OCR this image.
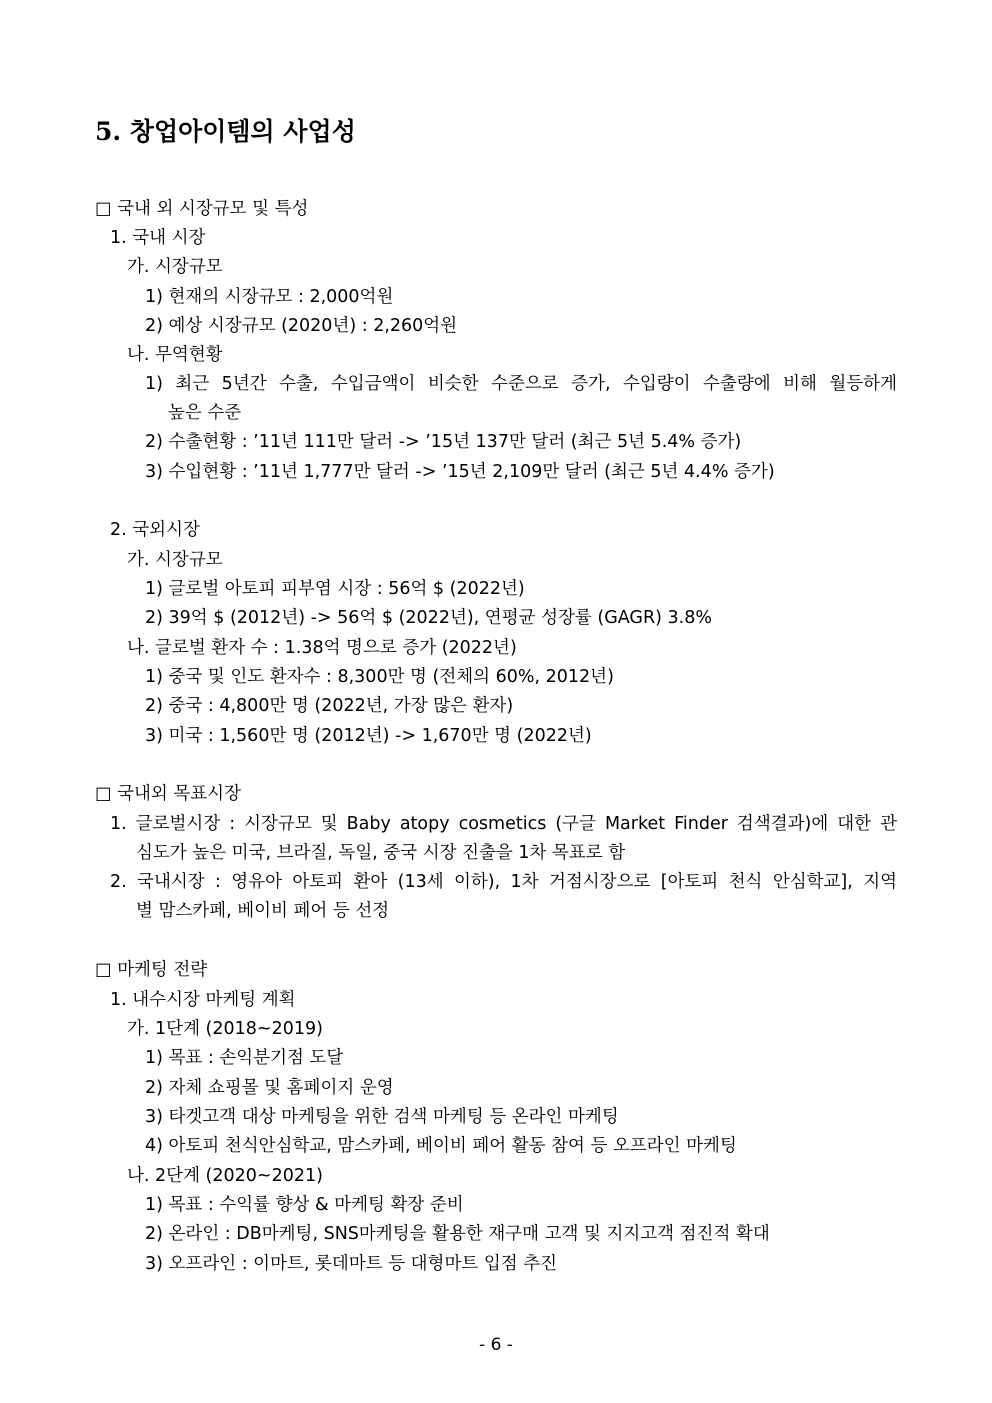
5. 창업아이템의 사업성
□ 국내 외 시장규모 및 특성
1. 국내 시장
가. 시장규모
1) 현재의 시장규모 : 2,000억원
2) 예상 시장규모 (2020년) : 2,260억원
나. 무역현황
1) 최근 5년간 수출, 수입금액이 비슷한 수준으로 증가, 수입량이 수출량에 비해 월등하게
높은 수준
2) 수출현황 : ’11년 111만 달러 -> ’15년 137만 달러 (최근 5년 5.4% 증가)
3) 수입현황 : ’11년 1,777만 달러 -> ’15년 2,109만 달러 (최근 5년 4.4% 증가)
2. 국외시장
가. 시장규모
1) 글로벌 아토피 피부염 시장 : 56억 $ (2022년)
2) 39억 $ (2012년) -> 56억 $ (2022년), 연평균 성장률 (GAGR) 3.8%
나. 글로벌 환자 수 : 1.38억 명으로 증가 (2022년)
1) 중국 및 인도 환자수 : 8,300만 명 (전체의 60%, 2012년)
2) 중국 : 4,800만 명 (2022년, 가장 많은 환자)
3) 미국 : 1,560만 명 (2012년) -> 1,670만 명 (2022년)
□ 국내외 목표시장
1. 글로벌시장 : 시장규모 및 Baby atopy cosmetics (구글 Market Finder 검색결과)에 대한 관
심도가 높은 미국, 브라질, 독일, 중국 시장 진출을 1차 목표로 함
2. 국내시장 : 영유아 아토피 환아 (13세 이하), 1차 거점시장으로 [아토피 천식 안심학교], 지역
별 맘스카페, 베이비 페어 등 선정
□ 마케팅 전략
1. 내수시장 마케팅 계획
가. 1단계 (2018~2019)
1) 목표 : 손익분기점 도달
2) 자체 쇼핑몰 및 홈페이지 운영
3) 타겟고객 대상 마케팅을 위한 검색 마케팅 등 온라인 마케팅
4) 아토피 천식안심학교, 맘스카페, 베이비 페어 활동 참여 등 오프라인 마케팅
나. 2단계 (2020~2021)
1) 목표 : 수익률 향상 & 마케팅 확장 준비
2) 온라인 : DB마케팅, SNS마케팅을 활용한 재구매 고객 및 지지고객 점진적 확대
3) 오프라인 : 이마트, 롯데마트 등 대형마트 입점 추진
- 6 -
